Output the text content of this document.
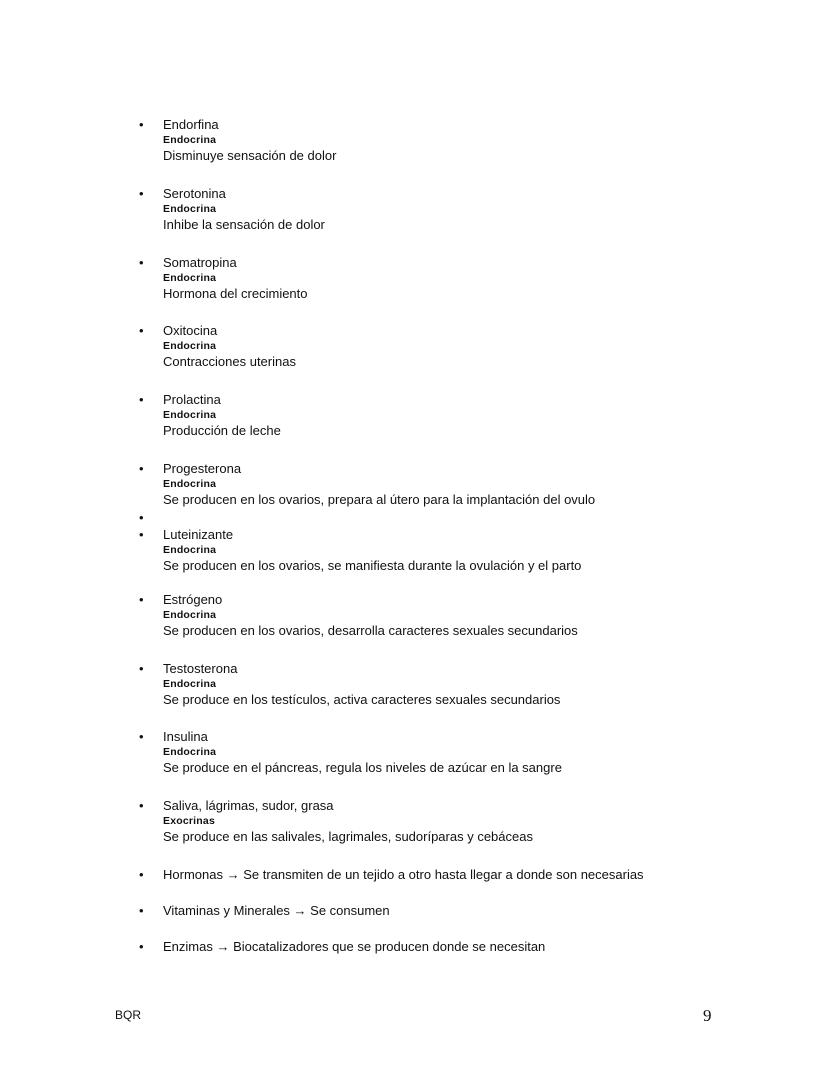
• Endorfina
Endocrina
Disminuye sensación de dolor
• Serotonina
Endocrina
Inhibe la sensación de dolor
• Somatropina
Endocrina
Hormona del crecimiento
• Oxitocina
Endocrina
Contracciones uterinas
• Prolactina
Endocrina
Producción de leche
• Progesterona
Endocrina
Se producen en los ovarios, prepara al útero para la implantación del ovulo
•
• Luteinizante
Endocrina
Se producen en los ovarios, se manifiesta durante la ovulación y el parto
• Estrógeno
Endocrina
Se producen en los ovarios, desarrolla caracteres sexuales secundarios
• Testosterona
Endocrina
Se produce en los testículos, activa caracteres sexuales secundarios
• Insulina
Endocrina
Se produce en el páncreas, regula los niveles de azúcar en la sangre
• Saliva, lágrimas, sudor, grasa
Exocrinas
Se produce en las salivales, lagrimales, sudoríparas y cebáceas
• Hormonas → Se transmiten de un tejido a otro hasta llegar a donde son necesarias
• Vitaminas y Minerales → Se consumen
• Enzimas → Biocatalizadores que se producen donde se necesitan
BQR	9
